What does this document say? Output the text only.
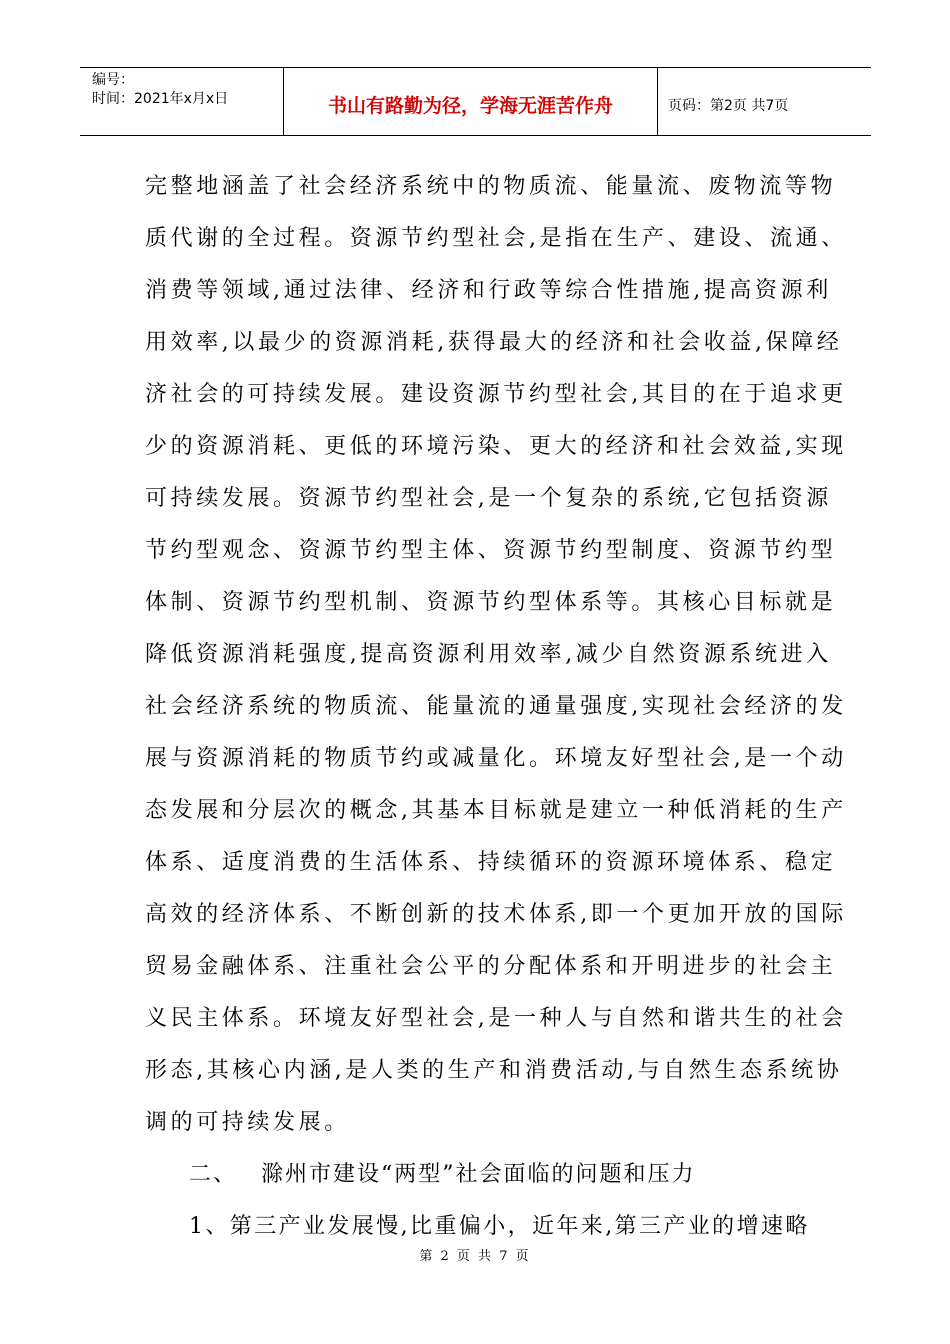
编号：
时间：2021年x月x日	书山有路勤为径，学海无涯苦作舟	页码：第2页 共7页
完整地涵盖了社会经济系统中的物质流、能量流、废物流等物
质代谢的全过程。资源节约型社会,是指在生产、建设、流通、
消费等领域,通过法律、经济和行政等综合性措施,提高资源利
用效率,以最少的资源消耗,获得最大的经济和社会收益,保障经
济社会的可持续发展。建设资源节约型社会,其目的在于追求更
少的资源消耗、更低的环境污染、更大的经济和社会效益,实现
可持续发展。资源节约型社会,是一个复杂的系统,它包括资源
节约型观念、资源节约型主体、资源节约型制度、资源节约型
体制、资源节约型机制、资源节约型体系等。其核心目标就是
降低资源消耗强度,提高资源利用效率,减少自然资源系统进入
社会经济系统的物质流、能量流的通量强度,实现社会经济的发
展与资源消耗的物质节约或减量化。环境友好型社会,是一个动
态发展和分层次的概念,其基本目标就是建立一种低消耗的生产
体系、适度消费的生活体系、持续循环的资源环境体系、稳定
高效的经济体系、不断创新的技术体系,即一个更加开放的国际
贸易金融体系、注重社会公平的分配体系和开明进步的社会主
义民主体系。环境友好型社会,是一种人与自然和谐共生的社会
形态,其核心内涵,是人类的生产和消费活动,与自然生态系统协
调的可持续发展。
二、 滁州市建设“两型”社会面临的问题和压力
1、第三产业发展慢,比重偏小，近年来,第三产业的增速略
第 2 页 共 7 页
